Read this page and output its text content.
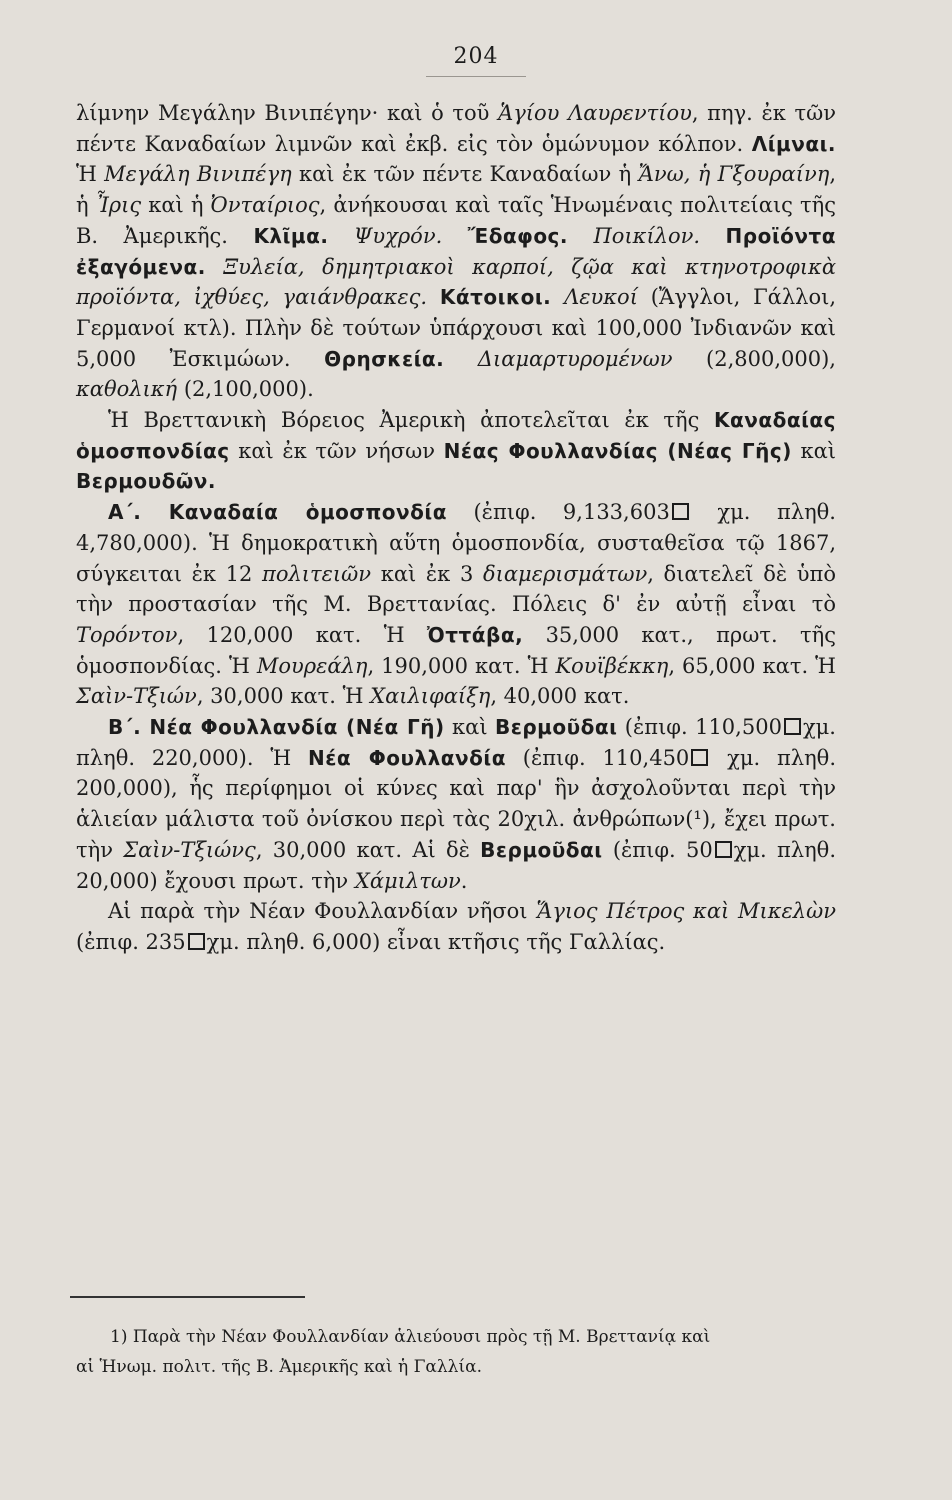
204

λίμνην Μεγάλην Βινιπέγην· καὶ ὁ τοῦ Ἁγίου Λαυρεντίου, πηγ. ἐκ τῶν πέντε Καναδαίων λιμνῶν καὶ ἐκβ. εἰς τὸν ὁμώνυμον κόλπον. Λίμναι. Ἡ Μεγάλη Βινιπέγη καὶ ἐκ τῶν πέντε Καναδαίων ἡ Ἄνω, ἡ Γξουραίνη, ἡ Ἶρις καὶ ἡ Ὀνταίριος, ἀνήκουσαι καὶ ταῖς Ἡνωμέναις πολιτείαις τῆς Β. Ἀμερικῆς. Κλῖμα. Ψυχρόν. Ἔδαφος. Ποικίλον. Προϊόντα ἐξαγόμενα. Ξυλεία, δημητριακοὶ καρποί, ζῷα καὶ κτηνοτροφικὰ προϊόντα, ἰχθύες, γαιάνθρακες. Κάτοικοι. Λευκοί (Ἄγγλοι, Γάλλοι, Γερμανοί κτλ). Πλὴν δὲ τούτων ὑπάρχουσι καὶ 100,000 Ἰνδιανῶν καὶ 5,000 Ἐσκιμώων. Θρησκεία. Διαμαρτυρομένων (2,800,000), καθολική (2,100,000).

Ἡ Βρεττανικὴ Βόρειος Ἀμερικὴ ἀποτελεῖται ἐκ τῆς Καναδαίας ὁμοσπονδίας καὶ ἐκ τῶν νήσων Νέας Φουλλανδίας (Νέας Γῆς) καὶ Βερμουδῶν.

Α΄. Καναδαία ὁμοσπονδία (ἐπιφ. 9,133,603 χμ. πληθ. 4,780,000). Ἡ δημοκρατικὴ αὕτη ὁμοσπονδία, συσταθεῖσα τῷ 1867, σύγκειται ἐκ 12 πολιτειῶν καὶ ἐκ 3 διαμερισμάτων, διατελεῖ δὲ ὑπὸ τὴν προστασίαν τῆς Μ. Βρεττανίας. Πόλεις δ' ἐν αὐτῇ εἶναι τὸ Τορόντον, 120,000 κατ. Ἡ Ὀττάβα, 35,000 κατ., πρωτ. τῆς ὁμοσπονδίας. Ἡ Μουρεάλη, 190,000 κατ. Ἡ Κουϊβέκκη, 65,000 κατ. Ἡ Σαὶν-Τξιών, 30,000 κατ. Ἡ Χαιλιφαίξη, 40,000 κατ.

Β΄. Νέα Φουλλανδία (Νέα Γῆ) καὶ Βερμοῦδαι (ἐπιφ. 110,500 χμ. πληθ. 220,000). Ἡ Νέα Φουλλανδία (ἐπιφ. 110,450 χμ. πληθ. 200,000), ἧς περίφημοι οἱ κύνες καὶ παρ' ἣν ἀσχολοῦνται περὶ τὴν ἁλιείαν μάλιστα τοῦ ὀνίσκου περὶ τὰς 20χιλ. ἀνθρώπων(¹), ἔχει πρωτ. τὴν Σαὶν-Τξιώνς, 30,000 κατ. Αἱ δὲ Βερμοῦδαι (ἐπιφ. 50 χμ. πληθ. 20,000) ἔχουσι πρωτ. τὴν Χάμιλτων.

Αἱ παρὰ τὴν Νέαν Φουλλανδίαν νῆσοι Ἅγιος Πέτρος καὶ Μικελὼν (ἐπιφ. 235 χμ. πληθ. 6,000) εἶναι κτῆσις τῆς Γαλλίας.

1) Παρὰ τὴν Νέαν Φουλλανδίαν ἁλιεύουσι πρὸς τῇ Μ. Βρεττανίᾳ καὶ
αἱ Ἡνωμ. πολιτ. τῆς Β. Ἀμερικῆς καὶ ἡ Γαλλία.
